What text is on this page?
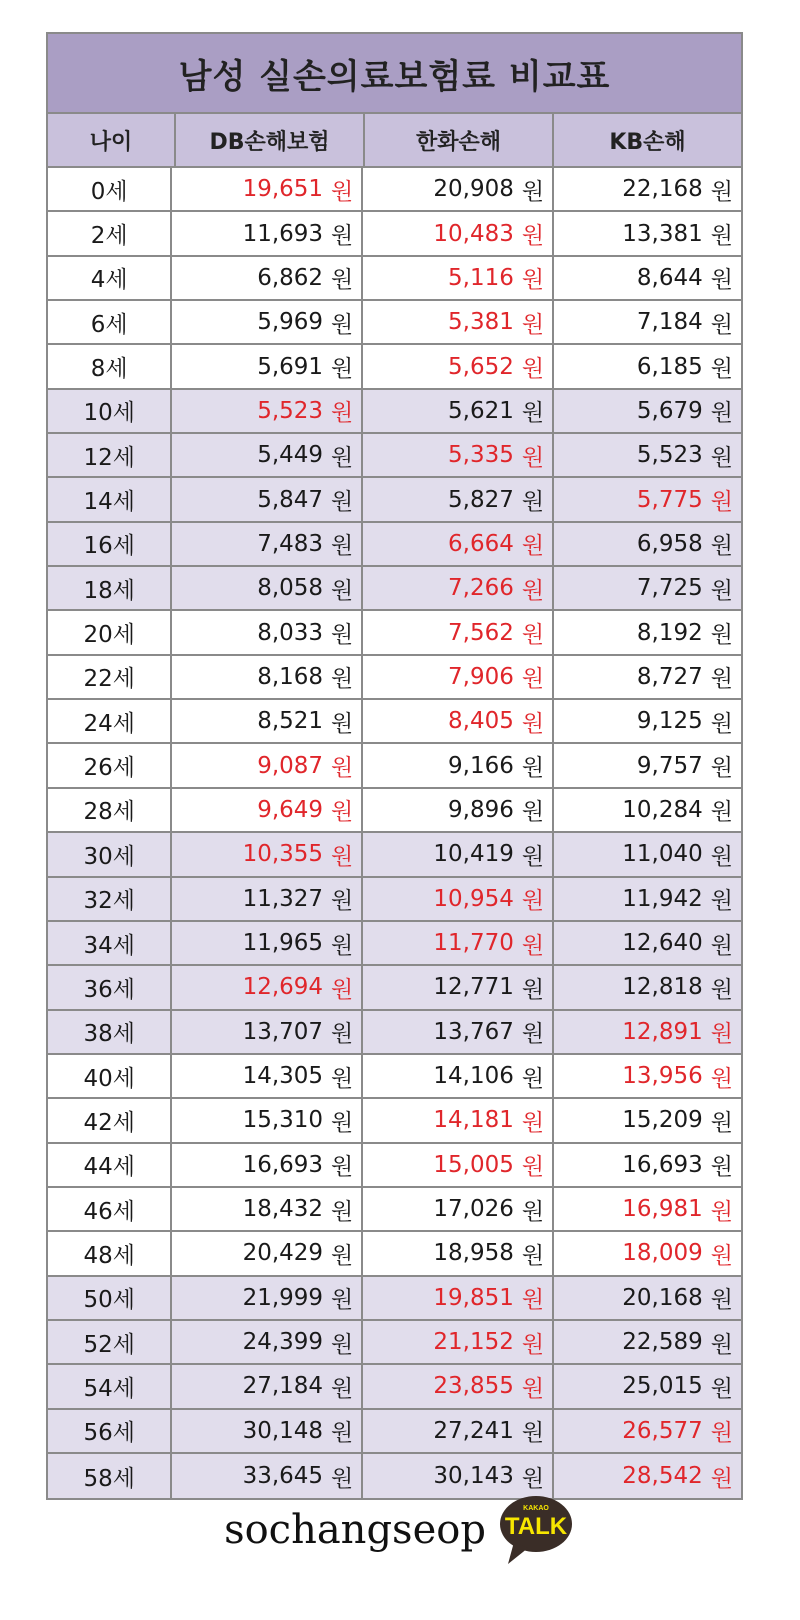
남성 실손의료보험료 비교표
나이	DB손해보험	한화손해	KB손해
0세	19,651 원	20,908 원	22,168 원
2세	11,693 원	10,483 원	13,381 원
4세	6,862 원	5,116 원	8,644 원
6세	5,969 원	5,381 원	7,184 원
8세	5,691 원	5,652 원	6,185 원
10세	5,523 원	5,621 원	5,679 원
12세	5,449 원	5,335 원	5,523 원
14세	5,847 원	5,827 원	5,775 원
16세	7,483 원	6,664 원	6,958 원
18세	8,058 원	7,266 원	7,725 원
20세	8,033 원	7,562 원	8,192 원
22세	8,168 원	7,906 원	8,727 원
24세	8,521 원	8,405 원	9,125 원
26세	9,087 원	9,166 원	9,757 원
28세	9,649 원	9,896 원	10,284 원
30세	10,355 원	10,419 원	11,040 원
32세	11,327 원	10,954 원	11,942 원
34세	11,965 원	11,770 원	12,640 원
36세	12,694 원	12,771 원	12,818 원
38세	13,707 원	13,767 원	12,891 원
40세	14,305 원	14,106 원	13,956 원
42세	15,310 원	14,181 원	15,209 원
44세	16,693 원	15,005 원	16,693 원
46세	18,432 원	17,026 원	16,981 원
48세	20,429 원	18,958 원	18,009 원
50세	21,999 원	19,851 원	20,168 원
52세	24,399 원	21,152 원	22,589 원
54세	27,184 원	23,855 원	25,015 원
56세	30,148 원	27,241 원	26,577 원
58세	33,645 원	30,143 원	28,542 원
sochangseop	KAKAO
TALK
